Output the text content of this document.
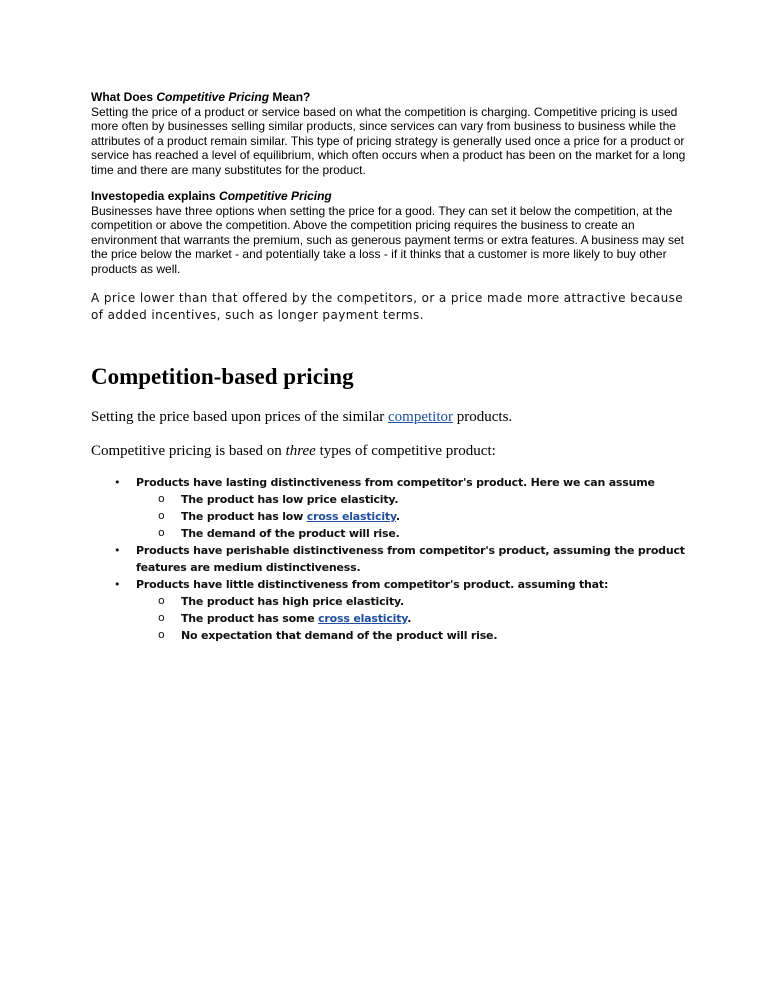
What Does Competitive Pricing Mean?

Setting the price of a product or service based on what the competition is charging. Competitive pricing is used more often by businesses selling similar products, since services can vary from business to business while the attributes of a product remain similar. This type of pricing strategy is generally used once a price for a product or service has reached a level of equilibrium, which often occurs when a product has been on the market for a long time and there are many substitutes for the product.

Investopedia explains Competitive Pricing

Businesses have three options when setting the price for a good. They can set it below the competition, at the competition or above the competition. Above the competition pricing requires the business to create an environment that warrants the premium, such as generous payment terms or extra features. A business may set the price below the market - and potentially take a loss - if it thinks that a customer is more likely to buy other products as well.

A price lower than that offered by the competitors, or a price made more attractive because of added incentives, such as longer payment terms.

Competition-based pricing

Setting the price based upon prices of the similar competitor products.

Competitive pricing is based on three types of competitive product:

• Products have lasting distinctiveness from competitor's product. Here we can assume
o The product has low price elasticity.
o The product has low cross elasticity.
o The demand of the product will rise.
• Products have perishable distinctiveness from competitor's product, assuming the product features are medium distinctiveness.
• Products have little distinctiveness from competitor's product. assuming that:
o The product has high price elasticity.
o The product has some cross elasticity.
o No expectation that demand of the product will rise.
